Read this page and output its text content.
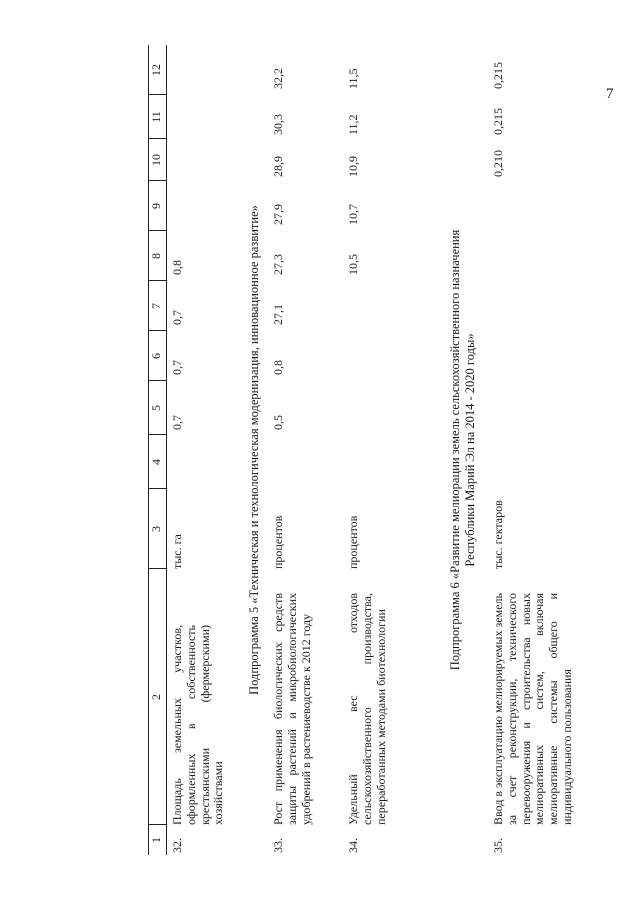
7
1
2
3
4
5
6
7
8
9
10
11
12
32.
Площадь земельных участков, оформленных в собственность крестьянскими (фермерскими) хозяйствами
тыс. га
0,7
0,7
0,7
0,8	Подпрограмма 5 «Техническая и технологическая модернизация, инновационное развитие»
33.
Рост применения биологических средств защиты растений и микробиологических удобрений в растениеводстве к 2012 году
процентов
0,5
0,8
27,1
27,3
27,9
28,9
30,3
32,2
34.
Удельный вес отходов сельскохозяйственного производства, переработанных методами биотехнологии
процентов
10,5
10,7
10,9
11,2
11,5
Подпрограмма 6 «Развитие мелиорации земель сельскохозяйственного назначения Республики Марий Эл на 2014 - 2020 годы»
35.
Ввод в эксплуатацию мелиорируемых земель за счет реконструкции, технического перевооружения и строительства новых мелиоративных систем, включая мелиоративные системы общего и индивидуального пользования
тыс. гектаров
0,210
0,215
0,215
